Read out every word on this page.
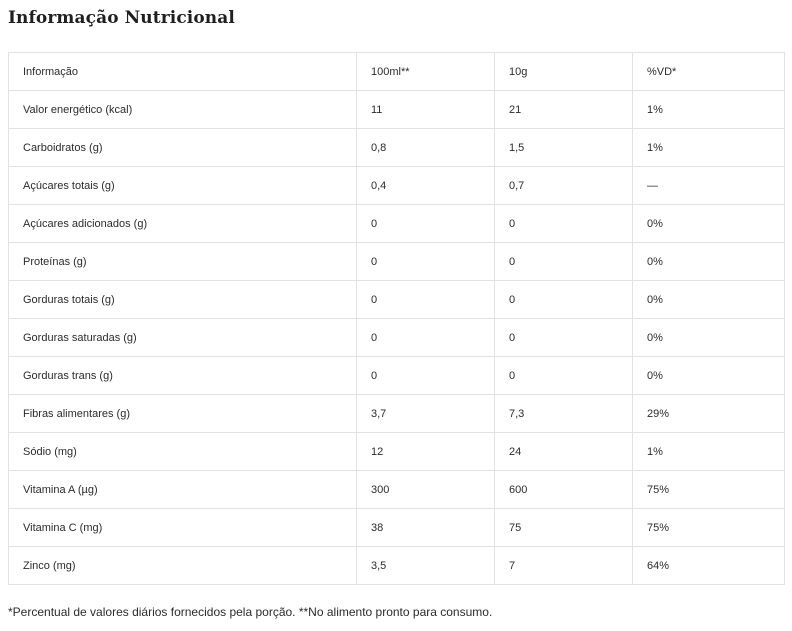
Informação Nutricional
Informação	100ml**	10g	%VD*
Valor energético (kcal)	11	21	1%
Carboidratos (g)	0,8	1,5	1%
Açúcares totais (g)	0,4	0,7	—
Açúcares adicionados (g)	0	0	0%
Proteínas (g)	0	0	0%
Gorduras totais (g)	0	0	0%
Gorduras saturadas (g)	0	0	0%
Gorduras trans (g)	0	0	0%
Fibras alimentares (g)	3,7	7,3	29%
Sódio (mg)	12	24	1%
Vitamina A (µg)	300	600	75%
Vitamina C (mg)	38	75	75%
Zinco (mg)	3,5	7	64%
*Percentual de valores diários fornecidos pela porção. **No alimento pronto para consumo.
